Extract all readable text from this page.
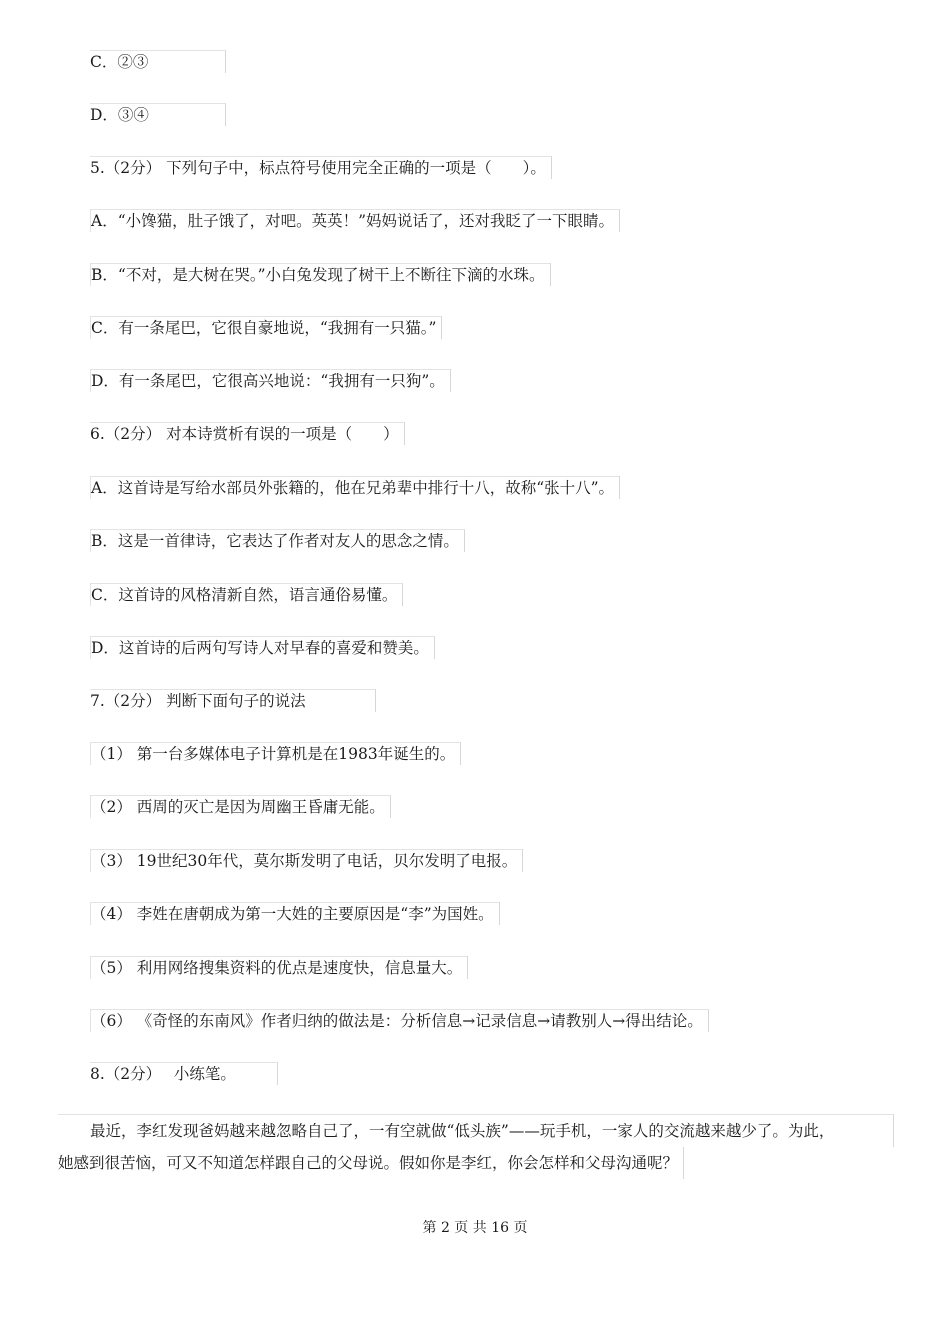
C．②③
D．③④
5.（2分） 下列句子中，标点符号使用完全正确的一项是（　　）。
A．“小馋猫，肚子饿了，对吧。英英！”妈妈说话了，还对我眨了一下眼睛。
B．“不对，是大树在哭。”小白兔发现了树干上不断往下滴的水珠。
C．有一条尾巴，它很自豪地说，“我拥有一只猫。”
D．有一条尾巴，它很高兴地说：“我拥有一只狗”。
6.（2分） 对本诗赏析有误的一项是（　　）
A．这首诗是写给水部员外张籍的，他在兄弟辈中排行十八，故称“张十八”。
B．这是一首律诗，它表达了作者对友人的思念之情。
C．这首诗的风格清新自然，语言通俗易懂。
D．这首诗的后两句写诗人对早春的喜爱和赞美。
7.（2分） 判断下面句子的说法
（1） 第一台多媒体电子计算机是在1983年诞生的。
（2） 西周的灭亡是因为周幽王昏庸无能。
（3） 19世纪30年代，莫尔斯发明了电话，贝尔发明了电报。
（4） 李姓在唐朝成为第一大姓的主要原因是“李”为国姓。
（5） 利用网络搜集资料的优点是速度快，信息量大。
（6） 《奇怪的东南风》作者归纳的做法是：分析信息→记录信息→请教别人→得出结论。
8.（2分）　 小练笔。
最近，李红发现爸妈越来越忽略自己了，一有空就做“低头族”——玩手机，一家人的交流越来越少了。为此，
她感到很苦恼，可又不知道怎样跟自己的父母说。假如你是李红，你会怎样和父母沟通呢？
第 2 页 共 16 页
